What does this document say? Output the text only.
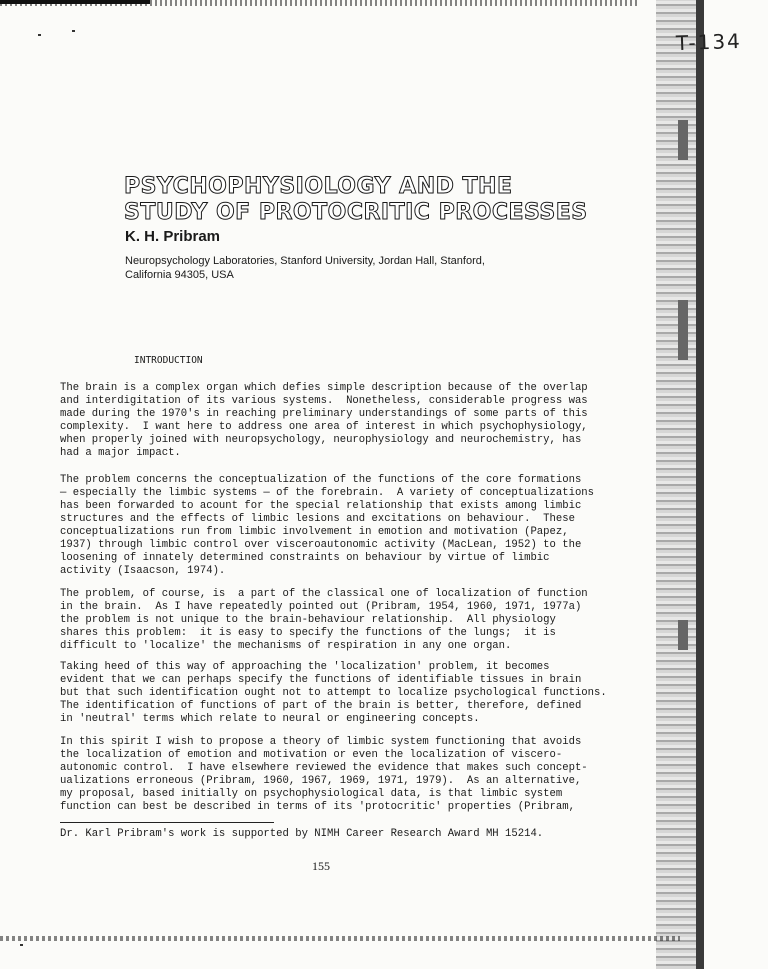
T-134
PSYCHOPHYSIOLOGY AND THE
STUDY OF PROTOCRITIC PROCESSES
K. H. Pribram
Neuropsychology Laboratories, Stanford University, Jordan Hall, Stanford,
California 94305, USA
INTRODUCTION
The brain is a complex organ which defies simple description because of the overlap
and interdigitation of its various systems.  Nonetheless, considerable progress was
made during the 1970's in reaching preliminary understandings of some parts of this
complexity.  I want here to address one area of interest in which psychophysiology,
when properly joined with neuropsychology, neurophysiology and neurochemistry, has
had a major impact.
The problem concerns the conceptualization of the functions of the core formations
— especially the limbic systems — of the forebrain.  A variety of conceptualizations
has been forwarded to acount for the special relationship that exists among limbic
structures and the effects of limbic lesions and excitations on behaviour.  These
conceptualizations run from limbic involvement in emotion and motivation (Papez,
1937) through limbic control over visceroautonomic activity (MacLean, 1952) to the
loosening of innately determined constraints on behaviour by virtue of limbic
activity (Isaacson, 1974).
The problem, of course, is  a part of the classical one of localization of function
in the brain.  As I have repeatedly pointed out (Pribram, 1954, 1960, 1971, 1977a)
the problem is not unique to the brain-behaviour relationship.  All physiology
shares this problem:  it is easy to specify the functions of the lungs;  it is
difficult to 'localize' the mechanisms of respiration in any one organ.
Taking heed of this way of approaching the 'localization' problem, it becomes
evident that we can perhaps specify the functions of identifiable tissues in brain
but that such identification ought not to attempt to localize psychological functions.
The identification of functions of part of the brain is better, therefore, defined
in 'neutral' terms which relate to neural or engineering concepts.
In this spirit I wish to propose a theory of limbic system functioning that avoids
the localization of emotion and motivation or even the localization of viscero-
autonomic control.  I have elsewhere reviewed the evidence that makes such concept-
ualizations erroneous (Pribram, 1960, 1967, 1969, 1971, 1979).  As an alternative,
my proposal, based initially on psychophysiological data, is that limbic system
function can best be described in terms of its 'protocritic' properties (Pribram,
Dr. Karl Pribram's work is supported by NIMH Career Research Award MH 15214.
155
